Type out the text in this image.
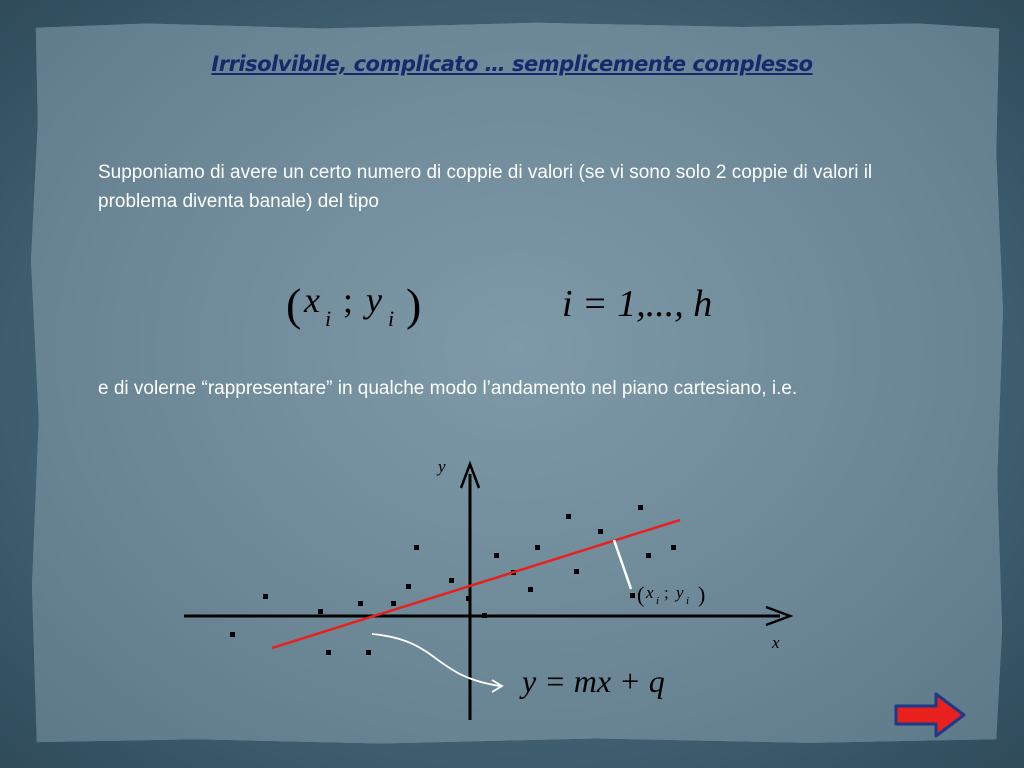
Irrisolvibile, complicato … semplicemente complesso
Supponiamo di avere un certo numero di coppie di valori (se vi sono solo 2 coppie di valori il problema diventa banale) del tipo
e di volerne “rappresentare” in qualche modo l’andamento nel piano cartesiano, i.e.
( x i ; y i )	i = 1,..., h
y
x
( x i ; y i )
y = mx + q
